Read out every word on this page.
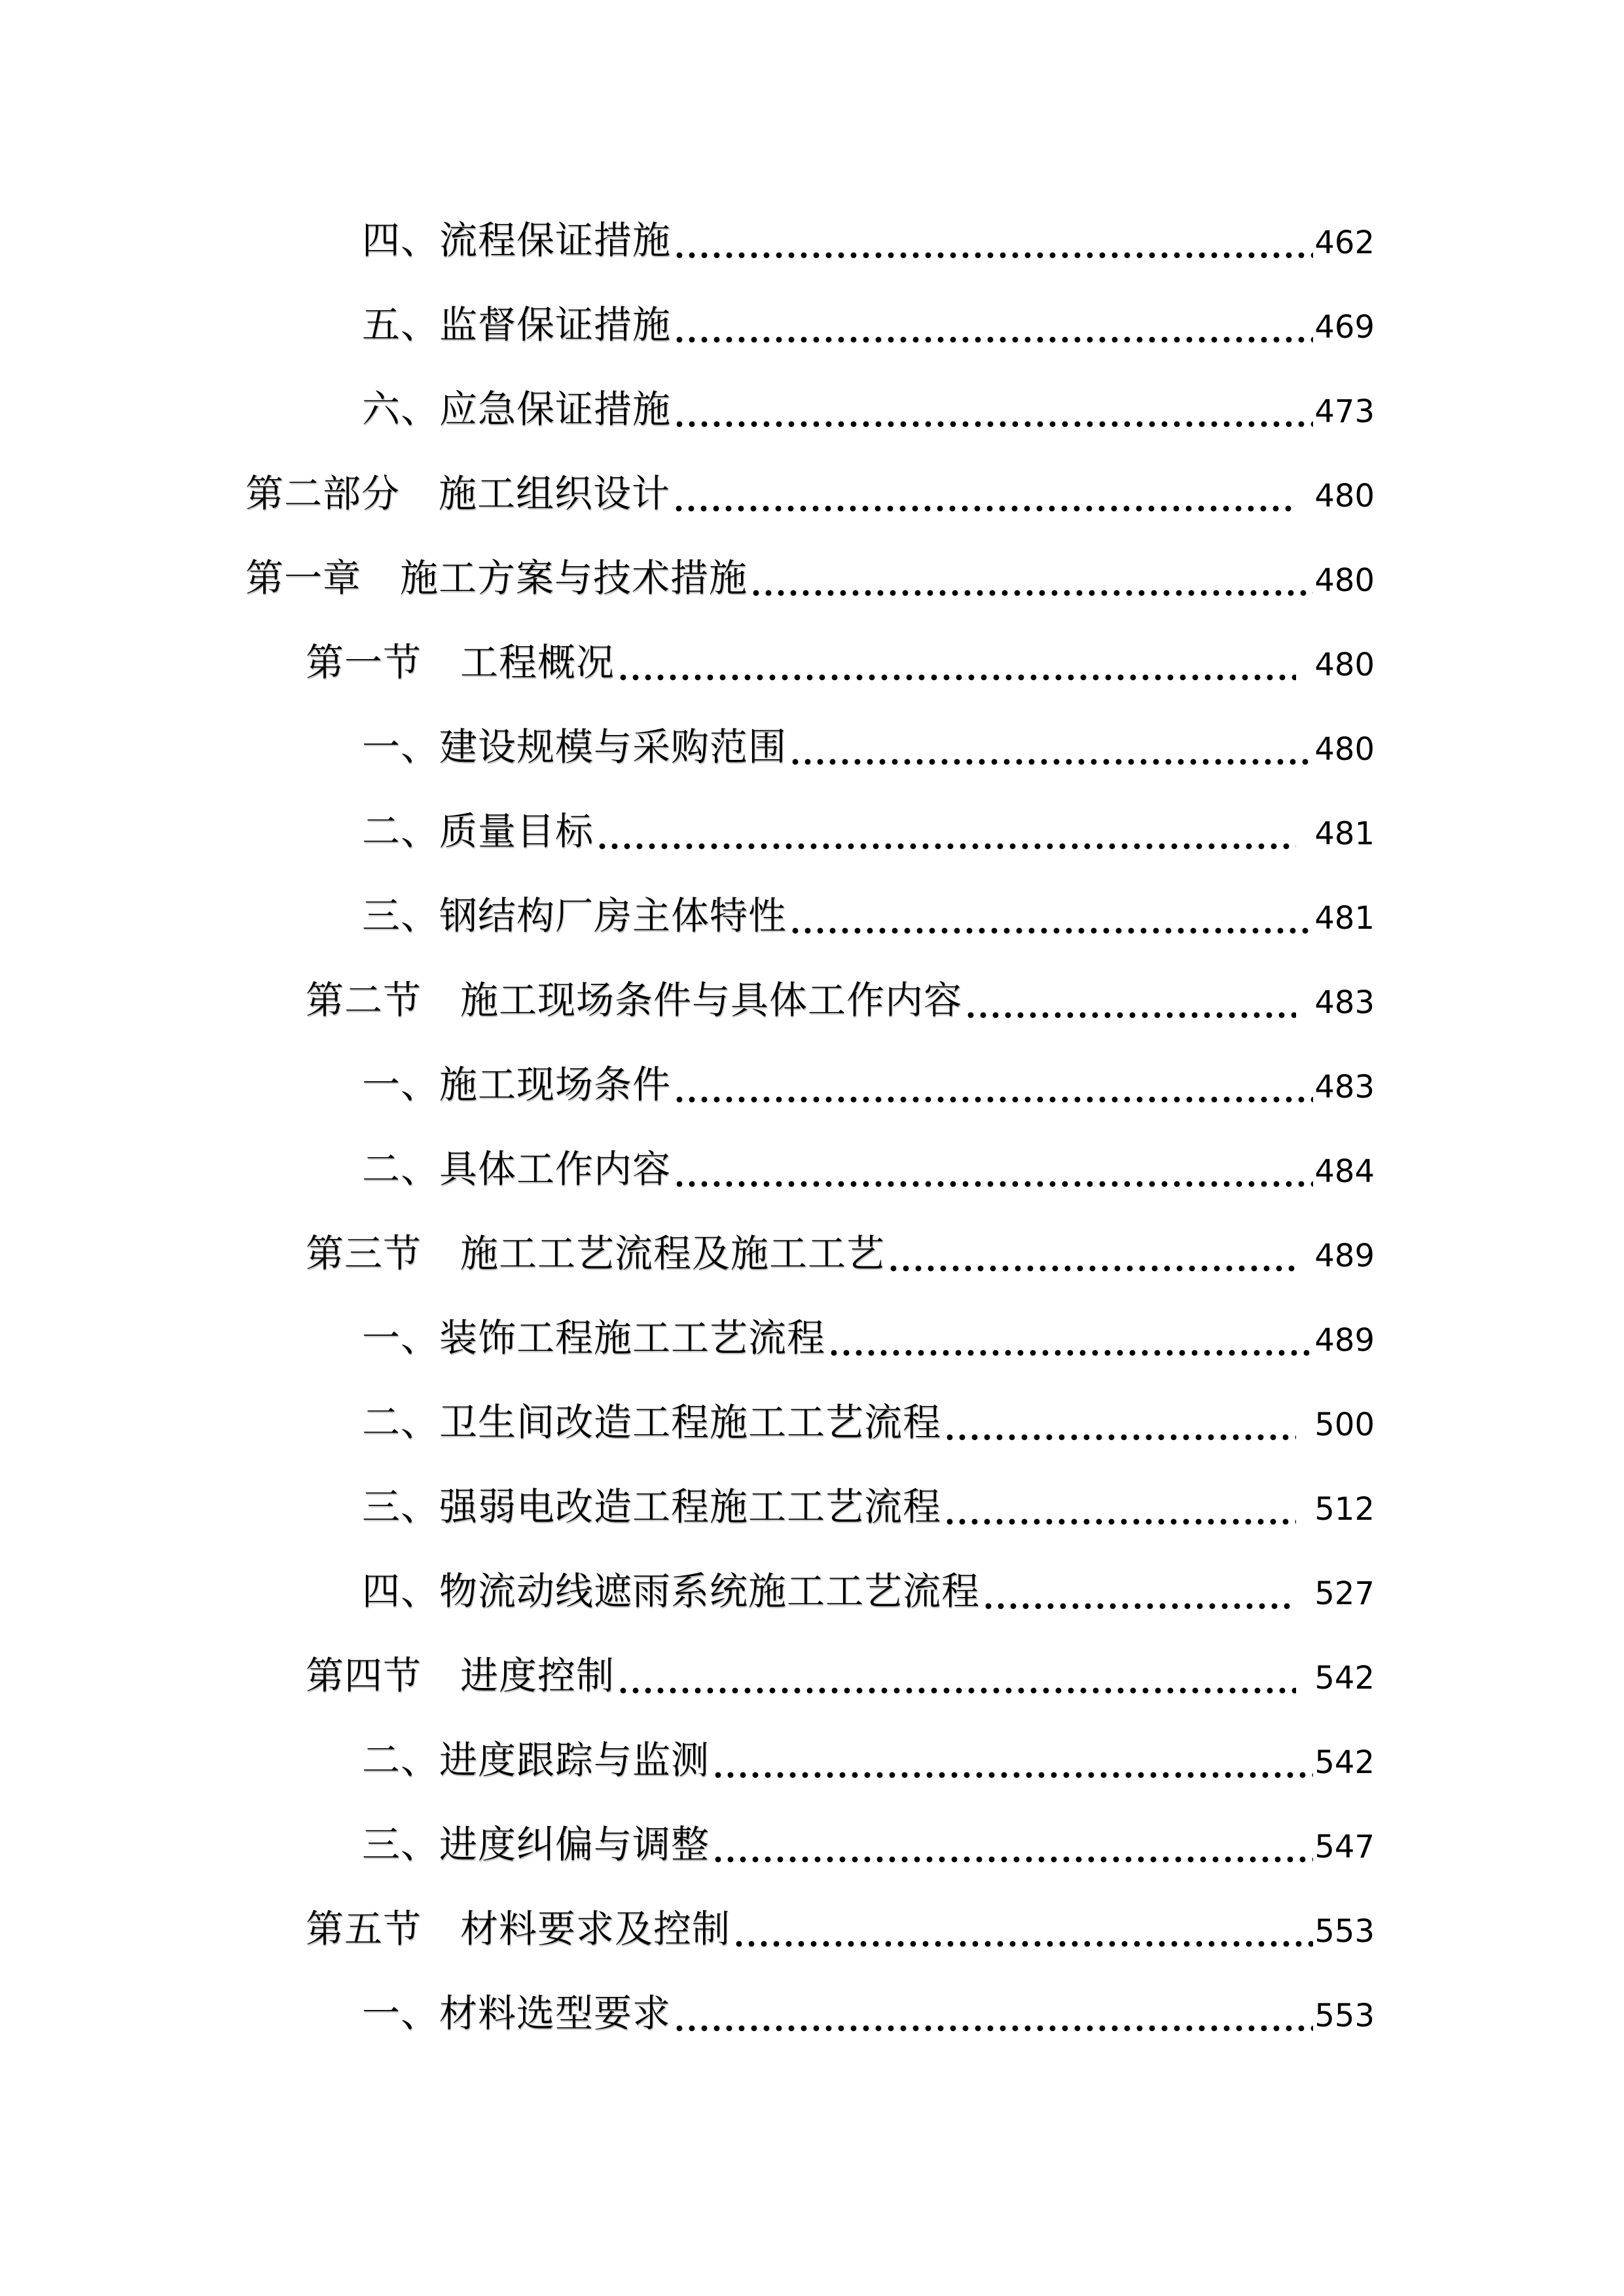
四、流程保证措施	462
五、监督保证措施	469
六、应急保证措施	473
第二部分　施工组织设计	480
第一章　施工方案与技术措施	480
第一节　工程概况	480
一、建设规模与采购范围	480
二、质量目标	481
三、钢结构厂房主体特性	481
第二节　施工现场条件与具体工作内容	483
一、施工现场条件	483
二、具体工作内容	484
第三节　施工工艺流程及施工工艺	489
一、装饰工程施工工艺流程	489
二、卫生间改造工程施工工艺流程	500
三、强弱电改造工程施工工艺流程	512
四、物流动线遮雨系统施工工艺流程	527
第四节　进度控制	542
二、进度跟踪与监测	542
三、进度纠偏与调整	547
第五节　材料要求及控制	553
一、材料选型要求	553
